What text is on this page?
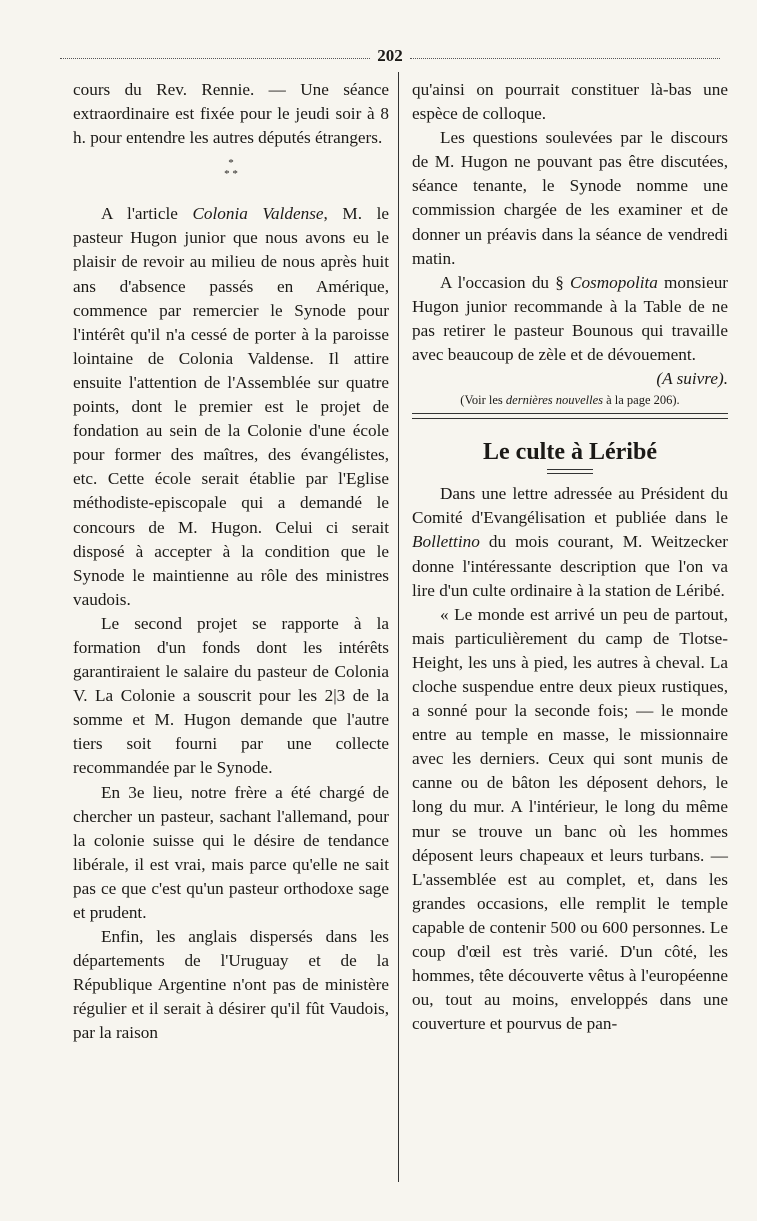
202

cours du Rev. Rennie. — Une séance extraordinaire est fixée pour le jeudi soir à 8 h. pour entendre les autres députés étrangers.

*
* *

A l'article Colonia Valdense, M. le pasteur Hugon junior que nous avons eu le plaisir de revoir au milieu de nous après huit ans d'absence passés en Amérique, commence par remercier le Synode pour l'intérêt qu'il n'a cessé de porter à la paroisse lointaine de Colonia Valdense. Il attire ensuite l'attention de l'Assemblée sur quatre points, dont le premier est le projet de fondation au sein de la Colonie d'une école pour former des maîtres, des évangélistes, etc. Cette école serait établie par l'Eglise méthodiste-episcopale qui a demandé le concours de M. Hugon. Celui ci serait disposé à accepter à la condition que le Synode le maintienne au rôle des ministres vaudois.

Le second projet se rapporte à la formation d'un fonds dont les intérêts garantiraient le salaire du pasteur de Colonia V. La Colonie a souscrit pour les 2|3 de la somme et M. Hugon demande que l'autre tiers soit fourni par une collecte recommandée par le Synode.

En 3e lieu, notre frère a été chargé de chercher un pasteur, sachant l'allemand, pour la colonie suisse qui le désire de tendance libérale, il est vrai, mais parce qu'elle ne sait pas ce que c'est qu'un pasteur orthodoxe sage et prudent.

Enfin, les anglais dispersés dans les départements de l'Uruguay et de la République Argentine n'ont pas de ministère régulier et il serait à désirer qu'il fût Vaudois, par la raison

qu'ainsi on pourrait constituer là-bas une espèce de colloque.

Les questions soulevées par le discours de M. Hugon ne pouvant pas être discutées, séance tenante, le Synode nomme une commission chargée de les examiner et de donner un préavis dans la séance de vendredi matin.

A l'occasion du § Cosmopolita monsieur Hugon junior recommande à la Table de ne pas retirer le pasteur Bounous qui travaille avec beaucoup de zèle et de dévouement.
(A suivre).

(Voir les dernières nouvelles à la page 206).

Le culte à Léribé

Dans une lettre adressée au Président du Comité d'Evangélisation et publiée dans le Bollettino du mois courant, M. Weitzecker donne l'intéressante description que l'on va lire d'un culte ordinaire à la station de Léribé.

« Le monde est arrivé un peu de partout, mais particulièrement du camp de Tlotse-Height, les uns à pied, les autres à cheval. La cloche suspendue entre deux pieux rustiques, a sonné pour la seconde fois; — le monde entre au temple en masse, le missionnaire avec les derniers. Ceux qui sont munis de canne ou de bâton les déposent dehors, le long du mur. A l'intérieur, le long du même mur se trouve un banc où les hommes déposent leurs chapeaux et leurs turbans. — L'assemblée est au complet, et, dans les grandes occasions, elle remplit le temple capable de contenir 500 ou 600 personnes. Le coup d'œil est très varié. D'un côté, les hommes, tête découverte vêtus à l'européenne ou, tout au moins, enveloppés dans une couverture et pourvus de pan-
